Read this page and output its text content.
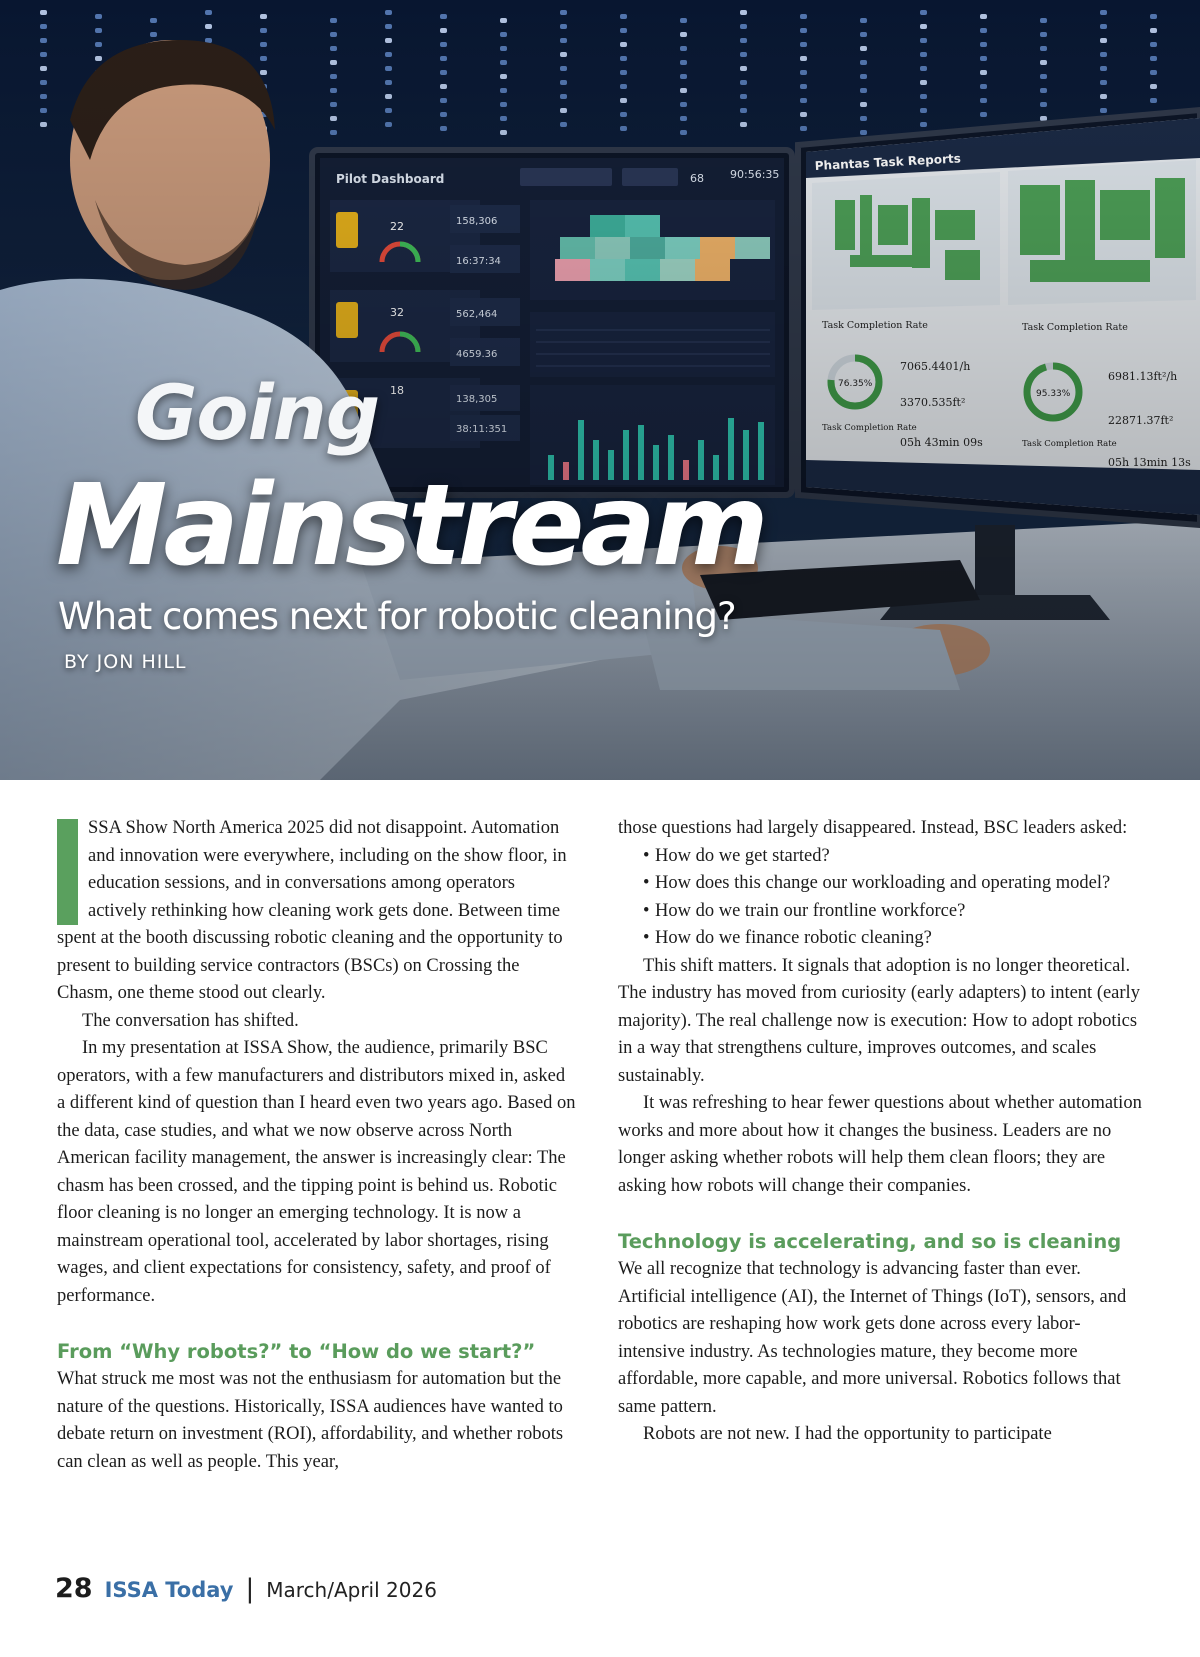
Going
Mainstream

What comes next for robotic cleaning?

BY JON HILL

SSA Show North America 2025 did not disappoint. Automation and innovation were everywhere, including on the show floor, in education sessions, and in conversations among operators actively rethinking how cleaning work gets done. Between time spent at the booth discussing robotic cleaning and the opportunity to present to building service contractors (BSCs) on Crossing the Chasm, one theme stood out clearly.

The conversation has shifted.

In my presentation at ISSA Show, the audience, primarily BSC operators, with a few manufacturers and distributors mixed in, asked a different kind of question than I heard even two years ago. Based on the data, case studies, and what we now observe across North American facility management, the answer is increasingly clear: The chasm has been crossed, and the tipping point is behind us. Robotic floor cleaning is no longer an emerging technology. It is now a mainstream operational tool, accelerated by labor shortages, rising wages, and client expectations for consistency, safety, and proof of performance.

From “Why robots?” to “How do we start?”

What struck me most was not the enthusiasm for automation but the nature of the questions. Historically, ISSA audiences have wanted to debate return on investment (ROI), affordability, and whether robots can clean as well as people. This year,

those questions had largely disappeared. Instead, BSC leaders asked:

• How do we get started?
• How does this change our workloading and operating model?
• How do we train our frontline workforce?
• How do we finance robotic cleaning?

This shift matters. It signals that adoption is no longer theoretical. The industry has moved from curiosity (early adapters) to intent (early majority). The real challenge now is execution: How to adopt robotics in a way that strengthens culture, improves outcomes, and scales sustainably.

It was refreshing to hear fewer questions about whether automation works and more about how it changes the business. Leaders are no longer asking whether robots will help them clean floors; they are asking how robots will change their companies.

Technology is accelerating, and so is cleaning

We all recognize that technology is advancing faster than ever. Artificial intelligence (AI), the Internet of Things (IoT), sensors, and robotics are reshaping how work gets done across every labor-intensive industry. As technologies mature, they become more affordable, more capable, and more universal. Robotics follows that same pattern.

Robots are not new. I had the opportunity to participate

28 ISSA Today | March/April 2026
